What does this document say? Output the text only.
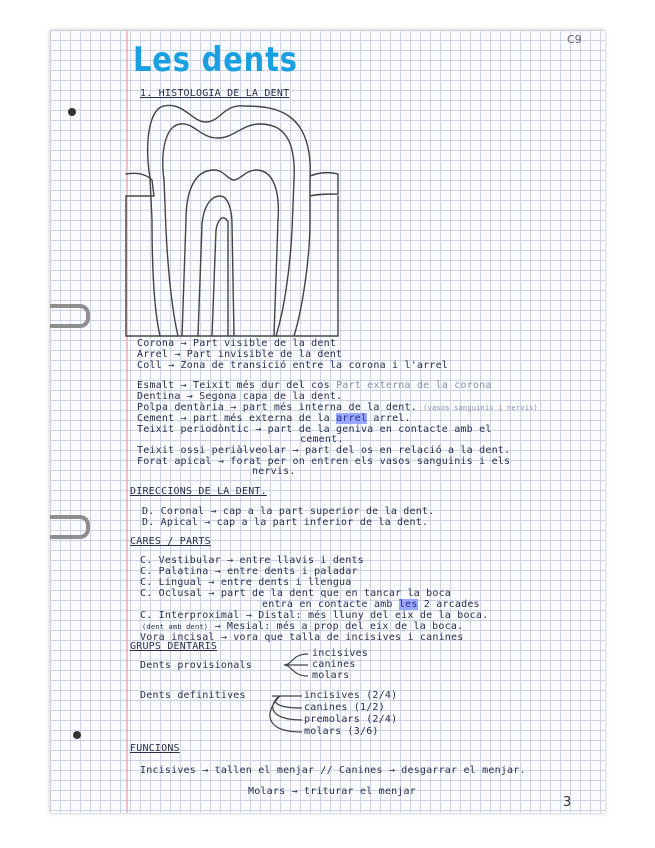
C9
Les dents
1. HISTOLOGIA DE LA DENT
Corona → Part visible de la dent
Arrel → Part invisible de la dent
Coll → Zona de transició entre la corona i l'arrel
Esmalt → Teixit més dur del cos Part externa de la corona
Dentina → Segona capa de la dent.
Polpa dentària → part més interna de la dent. (vasos sanguinis i nervis)
Cement → part més externa de la arrel arrel.
Teixit periodòntic → part de la geniva en contacte amb el
cement.
Teixit ossi periàlveolar → part del os en relació a la dent.
Forat apical → forat per on entren els vasos sanguinis i els
nervis.
DIRECCIONS DE LA DENT.
D. Coronal → cap a la part superior de la dent.
D. Apical → cap a la part inferior de la dent.
CARES / PARTS
C. Vestibular → entre llavis i dents
C. Palatina → entre dents i paladar
C. Lingual → entre dents i llengua
C. Oclusal → part de la dent que en tancar la boca
entra en contacte amb les 2 arcades
C. Interproximal → Distal: més lluny del eix de la boca.
(dent amb dent) → Mesial: més a prop del eix de la boca.
Vora incisal → vora que talla de incisives i canines
GRUPS DENTARIS
Dents provisionals
incisives
canines
molars
Dents definitives	incisives (2/4)
canines (1/2)
premolars (2/4)
molars (3/6)
FUNCIONS
Incisives → tallen el menjar // Canines → desgarrar el menjar.
Molars → triturar el menjar
3
